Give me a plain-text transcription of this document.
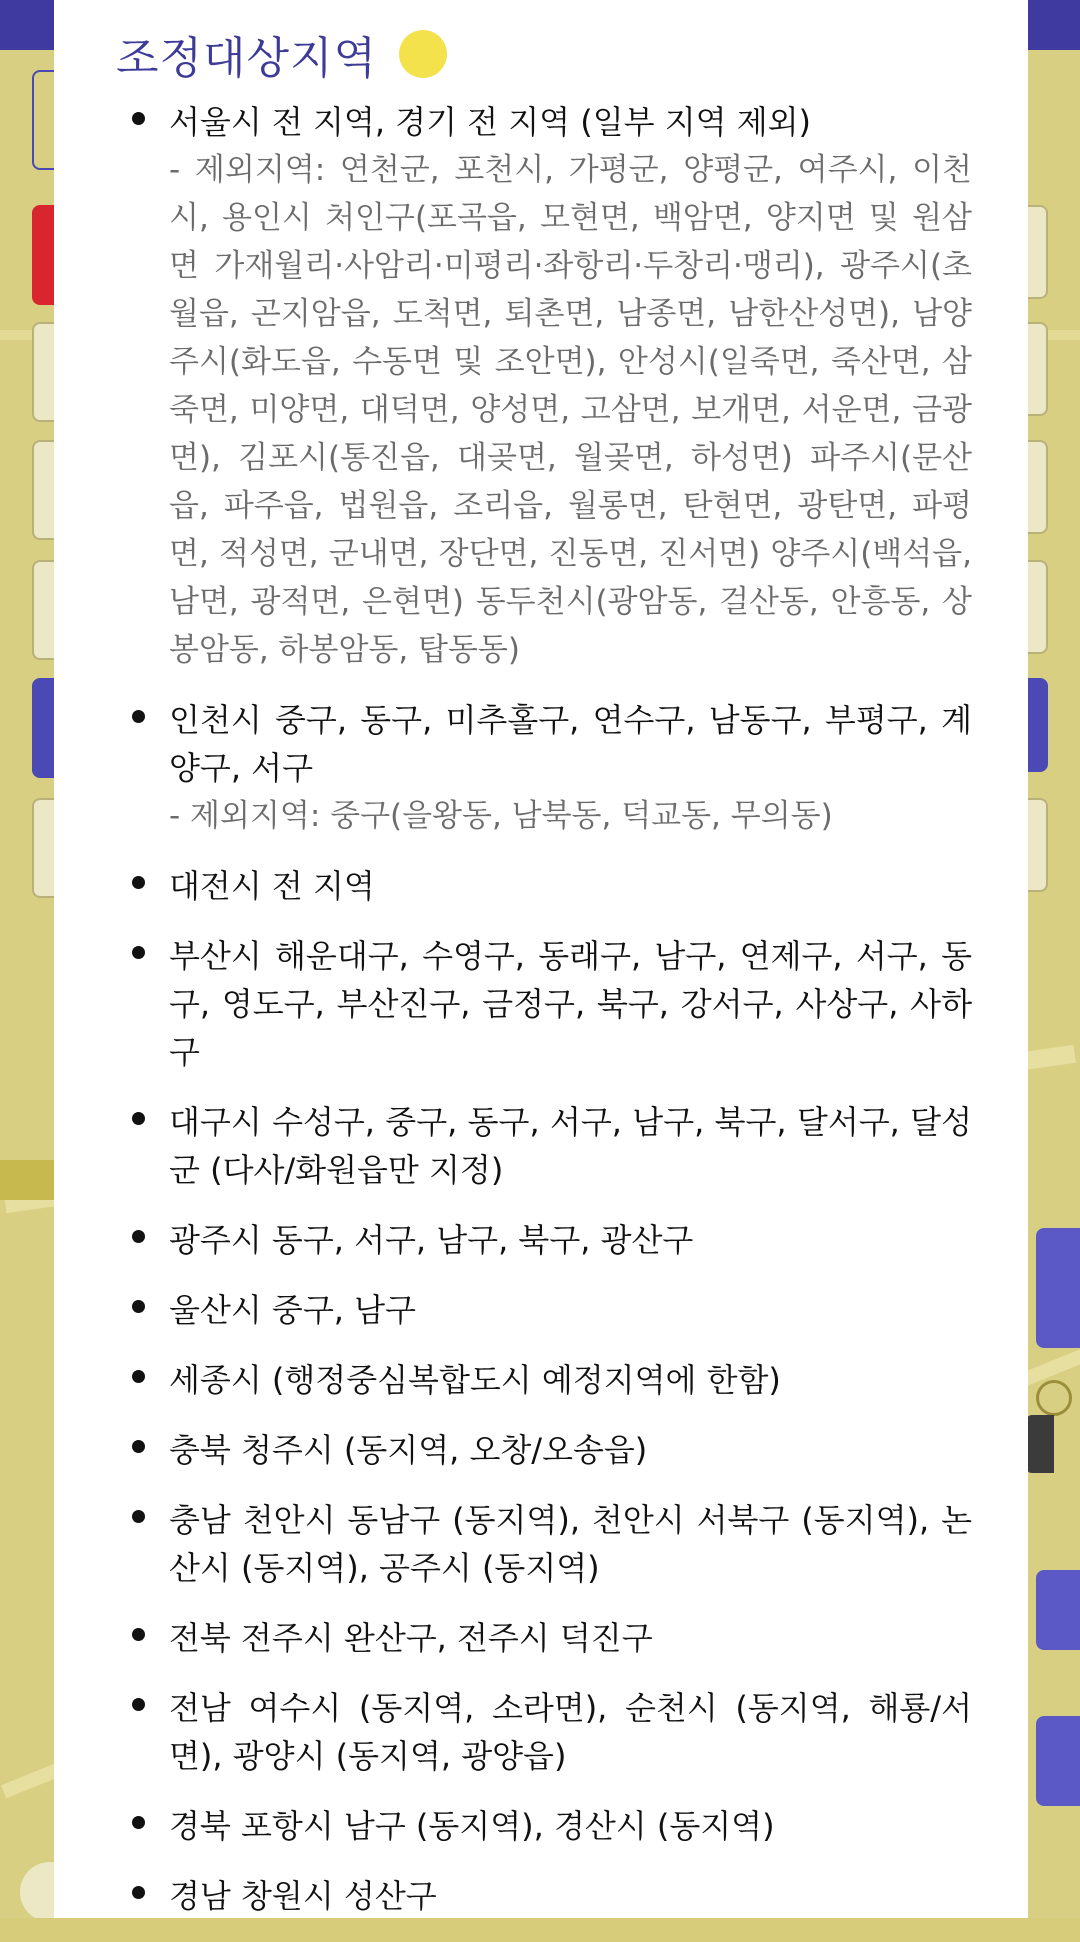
조정대상지역
서울시 전 지역, 경기 전 지역 (일부 지역 제외)
- 제외지역: 연천군, 포천시, 가평군, 양평군, 여주시, 이천시, 용인시 처인구(포곡읍, 모현면, 백암면, 양지면 및 원삼면 가재월리·사암리·미평리·좌항리·두창리·맹리), 광주시(초월읍, 곤지암읍, 도척면, 퇴촌면, 남종면, 남한산성면), 남양주시(화도읍, 수동면 및 조안면), 안성시(일죽면, 죽산면, 삼죽면, 미양면, 대덕면, 양성면, 고삼면, 보개면, 서운면, 금광면), 김포시(통진읍, 대곶면, 월곶면, 하성면) 파주시(문산읍, 파주읍, 법원읍, 조리읍, 월롱면, 탄현면, 광탄면, 파평면, 적성면, 군내면, 장단면, 진동면, 진서면) 양주시(백석읍, 남면, 광적면, 은현면) 동두천시(광암동, 걸산동, 안흥동, 상봉암동, 하봉암동, 탑동동)
인천시 중구, 동구, 미추홀구, 연수구, 남동구, 부평구, 계양구, 서구
- 제외지역: 중구(을왕동, 남북동, 덕교동, 무의동)
대전시 전 지역
부산시 해운대구, 수영구, 동래구, 남구, 연제구, 서구, 동구, 영도구, 부산진구, 금정구, 북구, 강서구, 사상구, 사하구
대구시 수성구, 중구, 동구, 서구, 남구, 북구, 달서구, 달성군 (다사/화원읍만 지정)
광주시 동구, 서구, 남구, 북구, 광산구
울산시 중구, 남구
세종시 (행정중심복합도시 예정지역에 한함)
충북 청주시 (동지역, 오창/오송읍)
충남 천안시 동남구 (동지역), 천안시 서북구 (동지역), 논산시 (동지역), 공주시 (동지역)
전북 전주시 완산구, 전주시 덕진구
전남 여수시 (동지역, 소라면), 순천시 (동지역, 해룡/서면), 광양시 (동지역, 광양읍)
경북 포항시 남구 (동지역), 경산시 (동지역)
경남 창원시 성산구
